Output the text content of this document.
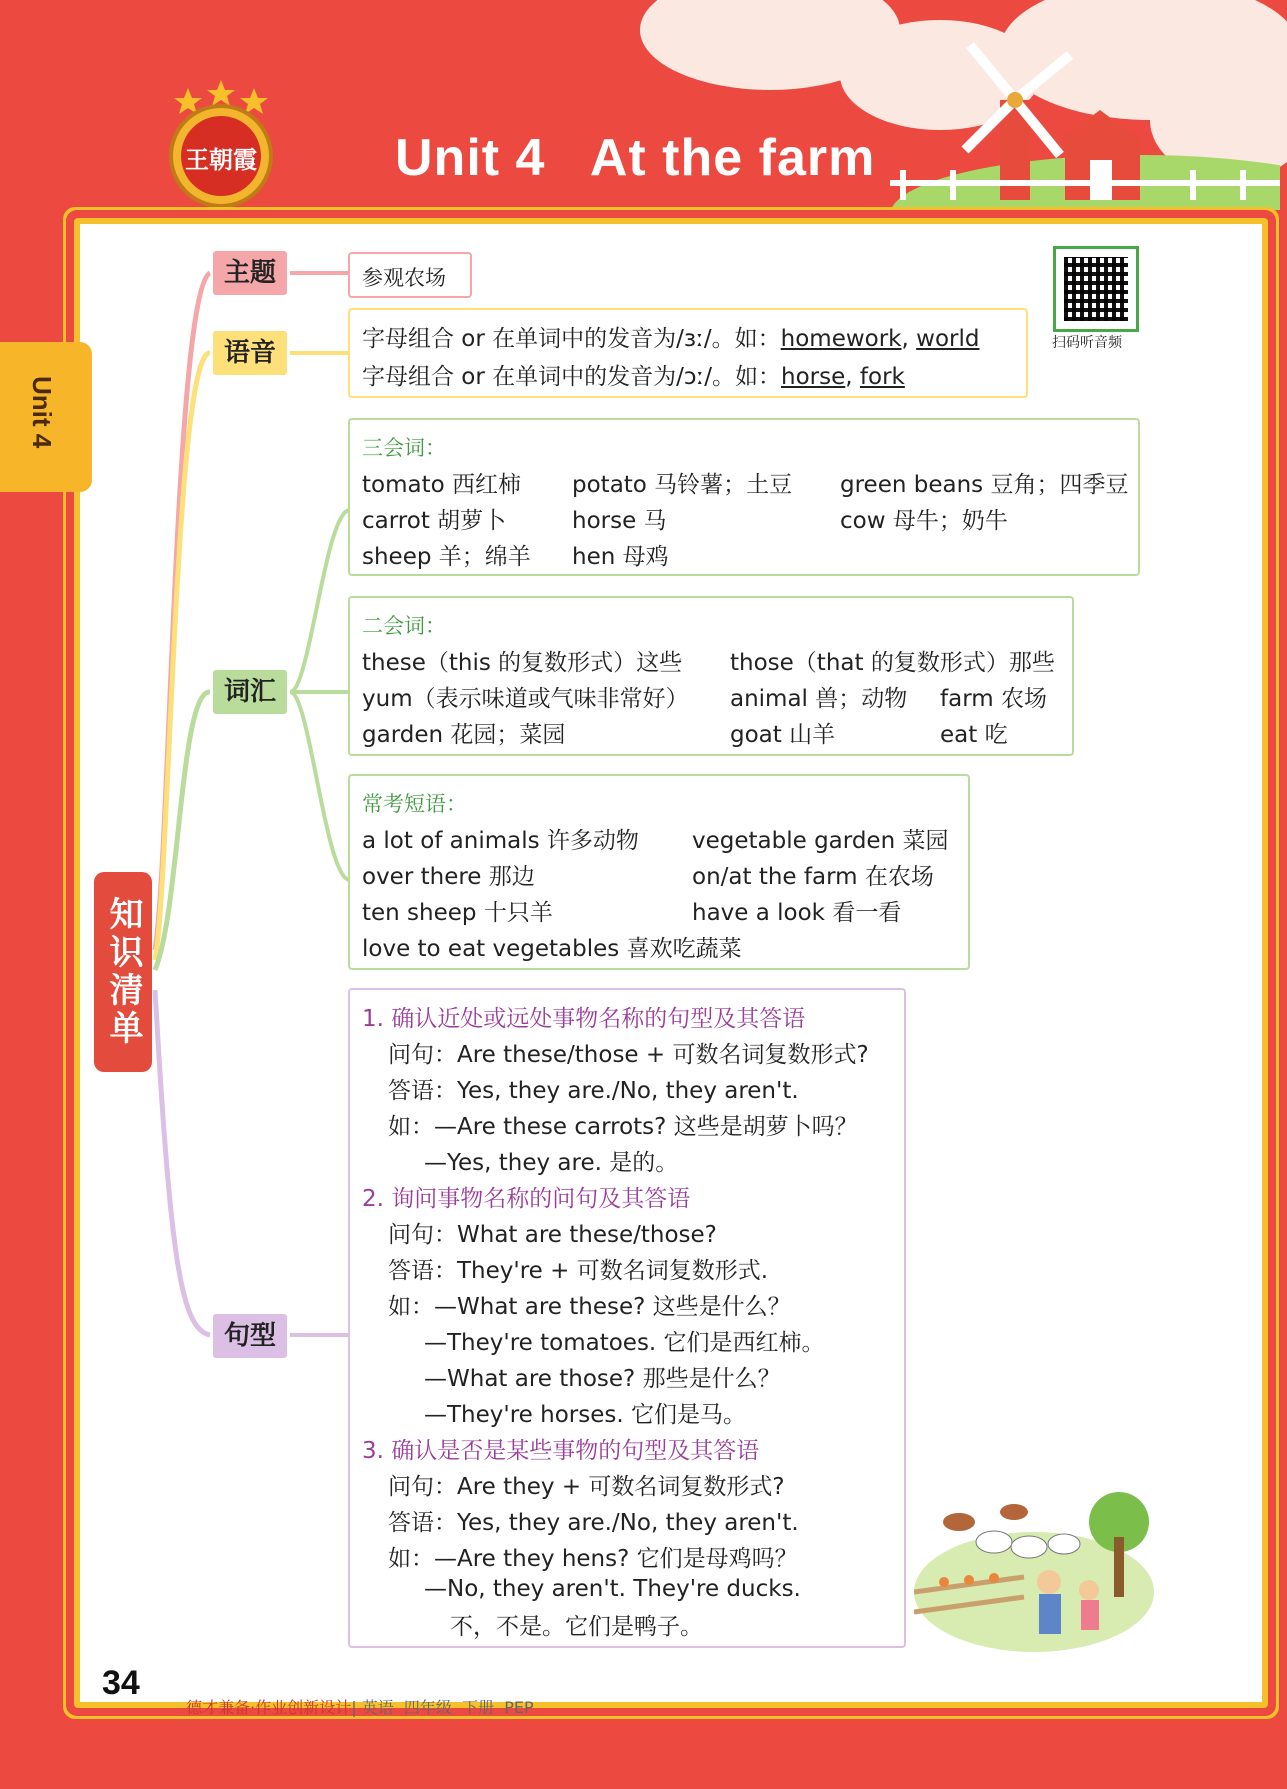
王朝霞	Unit 4   At the farm
Unit 4
知识清单
主题
语音
词汇
句型
参观农场
字母组合 or 在单词中的发音为/ɜː/。如：homework, world
字母组合 or 在单词中的发音为/ɔː/。如：horse, fork
扫码听音频
三会词：
tomato 西红柿 potato 马铃薯；土豆 green beans 豆角；四季豆
carrot 胡萝卜	horse 马	cow 母牛；奶牛
sheep 羊；绵羊 hen 母鸡
二会词：
these（this 的复数形式）这些 those（that 的复数形式）那些
yum（表示味道或气味非常好） animal 兽；动物 farm 农场
garden 花园；菜园	goat 山羊	eat 吃
常考短语：
a lot of animals 许多动物 vegetable garden 菜园
over there 那边	on/at the farm 在农场
ten sheep 十只羊	have a look 看一看
love to eat vegetables 喜欢吃蔬菜
1. 确认近处或远处事物名称的句型及其答语
问句：Are these/those + 可数名词复数形式?
答语：Yes, they are./No, they aren't.
如：—Are these carrots? 这些是胡萝卜吗？
—Yes, they are. 是的。
2. 询问事物名称的问句及其答语
问句：What are these/those?
答语：They're + 可数名词复数形式.
如：—What are these? 这些是什么？
—They're tomatoes. 它们是西红柿。
—What are those? 那些是什么？
—They're horses. 它们是马。
3. 确认是否是某些事物的句型及其答语
问句：Are they + 可数名词复数形式?
答语：Yes, they are./No, they aren't.
如：—Are they hens? 它们是母鸡吗？
—No, they aren't. They're ducks.
不，不是。它们是鸭子。
34

德才兼备·作业创新设计| 英语  四年级  下册  PEP
